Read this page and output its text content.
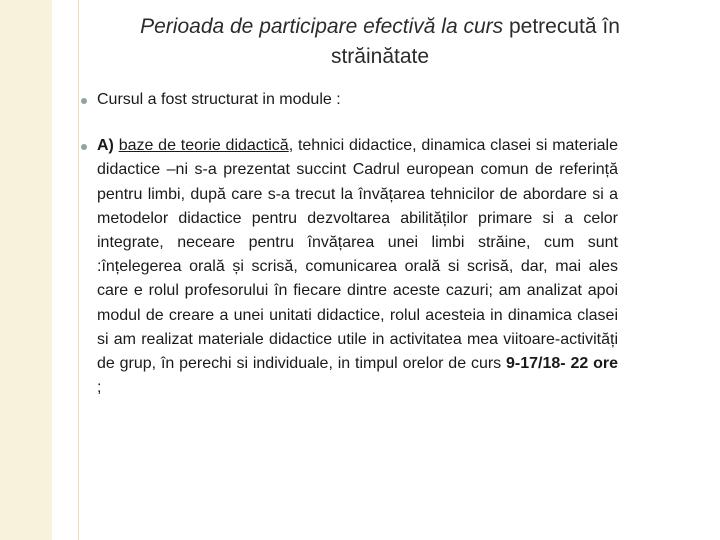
Perioada de participare efectivă la curs petrecută în
străinătate
Cursul a fost structurat in module :
A) baze de teorie didactică, tehnici didactice, dinamica clasei si materiale didactice –ni s-a prezentat succint Cadrul european comun de referință pentru limbi, după care s-a trecut la învățarea tehnicilor de abordare si a metodelor didactice pentru dezvoltarea abilităților primare si a celor integrate, neceare pentru învățarea unei limbi străine, cum sunt :înțelegerea orală și scrisă, comunicarea orală si scrisă, dar, mai ales care e rolul profesorului în fiecare dintre aceste cazuri; am analizat apoi modul de creare a unei unitati didactice, rolul acesteia in dinamica clasei si am realizat materiale didactice utile in activitatea mea viitoare-activități de grup, în perechi si individuale, in timpul orelor de curs 9-17/18- 22 ore ;
